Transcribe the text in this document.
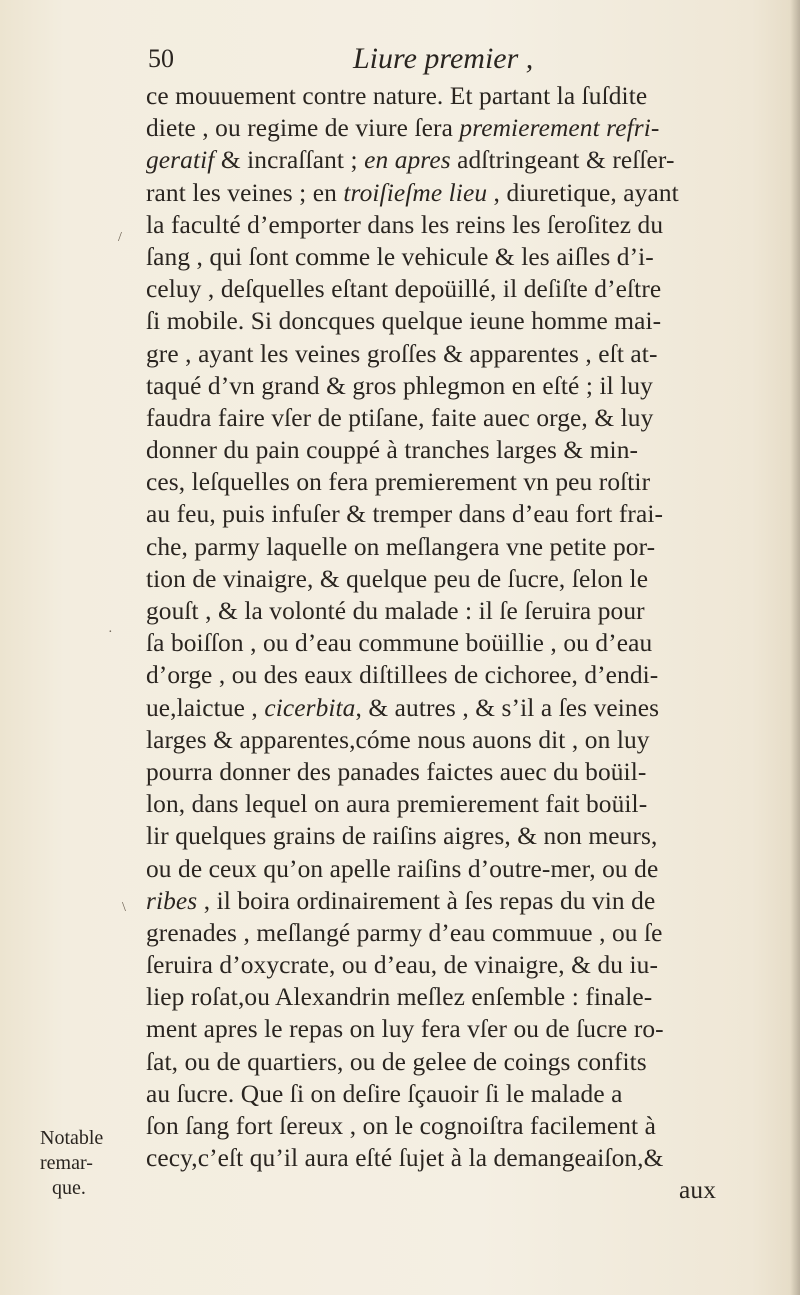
50	Liure premier ,
ce mouuement contre nature. Et partant la ſuſdite
diete , ou regime de viure ſera premierement refri-
geratif & incraſſant ; en apres adſtringeant & reſſer-
rant les veines ; en troiſieſme lieu , diuretique, ayant
la faculté d’emporter dans les reins les ſeroſitez du
ſang , qui ſont comme le vehicule & les aiſles d’i-
celuy , deſquelles eſtant depoüillé, il deſiſte d’eſtre
ſi mobile. Si doncques quelque ieune homme mai-
gre , ayant les veines groſſes & apparentes , eſt at-
taqué d’vn grand & gros phlegmon en eſté ; il luy
faudra faire vſer de ptiſane, faite auec orge, & luy
donner du pain couppé à tranches larges & min-
ces, leſquelles on fera premierement vn peu roſtir
au feu, puis infuſer & tremper dans d’eau fort frai-
che, parmy laquelle on meſlangera vne petite por-
tion de vinaigre, & quelque peu de ſucre, ſelon le
gouſt , & la volonté du malade : il ſe ſeruira pour
ſa boiſſon , ou d’eau commune boüillie , ou d’eau
d’orge , ou des eaux diſtillees de cichoree, d’endi-
ue,laictue , cicerbita, & autres , & s’il a ſes veines
larges & apparentes,cóme nous auons dit , on luy
pourra donner des panades faictes auec du boüil-
lon, dans lequel on aura premierement fait boüil-
lir quelques grains de raiſins aigres, & non meurs,
ou de ceux qu’on apelle raiſins d’outre-mer, ou de
ribes , il boira ordinairement à ſes repas du vin de
grenades , meſlangé parmy d’eau commuue , ou ſe
ſeruira d’oxycrate, ou d’eau, de vinaigre, & du iu-
liep roſat,ou Alexandrin meſlez enſemble : finale-
ment apres le repas on luy fera vſer ou de ſucre ro-
ſat, ou de quartiers, ou de gelee de coings confits
au ſucre. Que ſi on deſire ſçauoir ſi le malade a
ſon ſang fort ſereux , on le cognoiſtra facilement à
cecy,c’eſt qu’il aura eſté ſujet à la demangeaiſon,&
aux
Notable
remar-
que.
/
·
\
